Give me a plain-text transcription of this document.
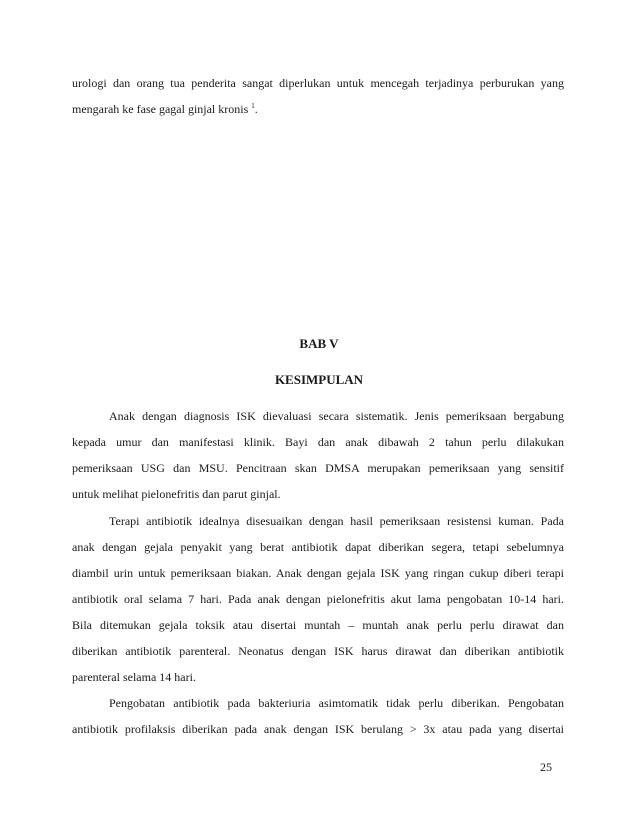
urologi dan orang tua penderita sangat diperlukan untuk mencegah terjadinya perburukan yang
mengarah ke fase gagal ginjal kronis $^1$.
BAB V
KESIMPULAN
Anak dengan diagnosis ISK dievaluasi secara sistematik. Jenis pemeriksaan bergabung
kepada umur dan manifestasi klinik. Bayi dan anak dibawah 2 tahun perlu dilakukan
pemeriksaan USG dan MSU. Pencitraan skan DMSA merupakan pemeriksaan yang sensitif
untuk melihat pielonefritis dan parut ginjal.
Terapi antibiotik idealnya disesuaikan dengan hasil pemeriksaan resistensi kuman. Pada
anak dengan gejala penyakit yang berat antibiotik dapat diberikan segera, tetapi sebelumnya
diambil urin untuk pemeriksaan biakan. Anak dengan gejala ISK yang ringan cukup diberi terapi
antibiotik oral selama 7 hari. Pada anak dengan pielonefritis akut lama pengobatan 10-14 hari.
Bila ditemukan gejala toksik atau disertai muntah – muntah anak perlu perlu dirawat dan
diberikan antibiotik parenteral. Neonatus dengan ISK harus dirawat dan diberikan antibiotik
parenteral selama 14 hari.
Pengobatan antibiotik pada bakteriuria asimtomatik tidak perlu diberikan. Pengobatan
antibiotik profilaksis diberikan pada anak dengan ISK berulang > 3x atau pada yang disertai
25
